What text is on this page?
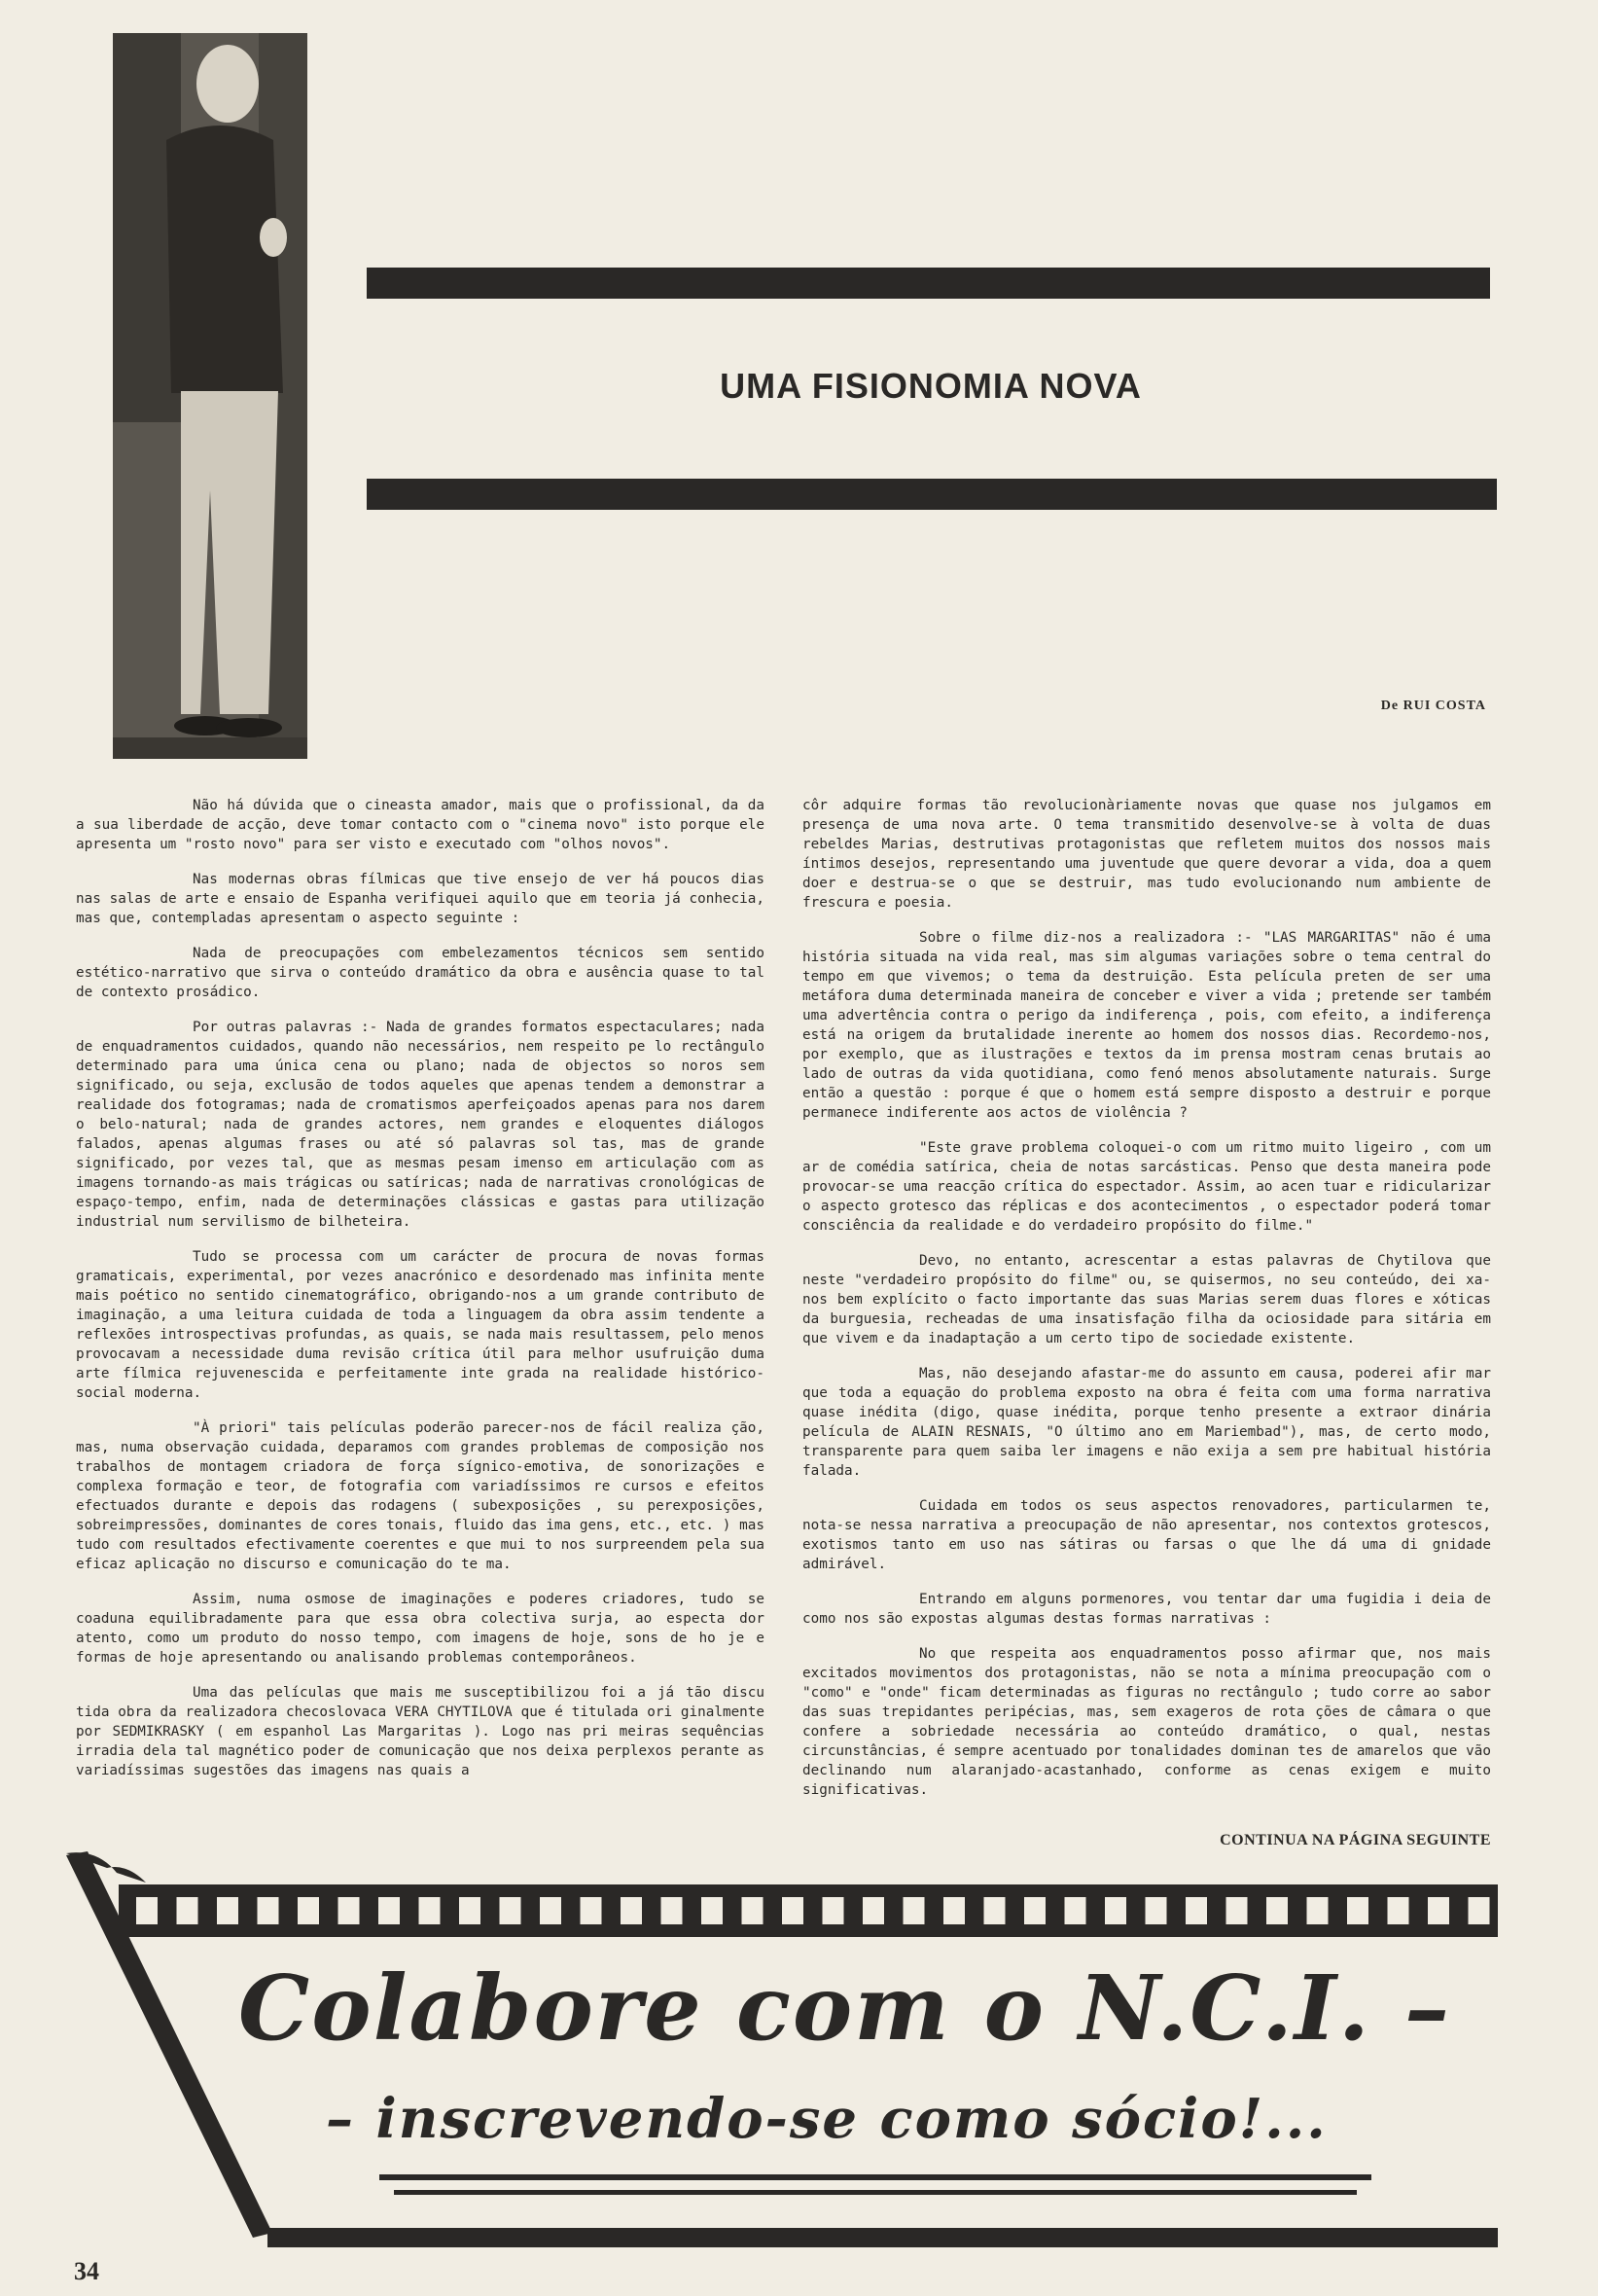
UMA FISIONOMIA NOVA
De RUI COSTA

Não há dúvida que o cineasta amador, mais que o profissional, da da a sua liberdade de acção, deve tomar contacto com o "cinema novo" isto porque ele apresenta um "rosto novo" para ser visto e executado com "olhos novos".

Nas modernas obras fílmicas que tive ensejo de ver há poucos dias nas salas de arte e ensaio de Espanha verifiquei aquilo que em teoria já conhecia, mas que, contempladas apresentam o aspecto seguinte :

Nada de preocupações com embelezamentos técnicos sem sentido estético-narrativo que sirva o conteúdo dramático da obra e ausência quase to tal de contexto prosádico.

Por outras palavras :- Nada de grandes formatos espectaculares; nada de enquadramentos cuidados, quando não necessários, nem respeito pe lo rectângulo determinado para uma única cena ou plano; nada de objectos so noros sem significado, ou seja, exclusão de todos aqueles que apenas tendem a demonstrar a realidade dos fotogramas; nada de cromatismos aperfeiçoados apenas para nos darem o belo-natural; nada de grandes actores, nem grandes e eloquentes diálogos falados, apenas algumas frases ou até só palavras sol tas, mas de grande significado, por vezes tal, que as mesmas pesam imenso em articulação com as imagens tornando-as mais trágicas ou satíricas; nada de narrativas cronológicas de espaço-tempo, enfim, nada de determinações clássicas e gastas para utilização industrial num servilismo de bilheteira.

Tudo se processa com um carácter de procura de novas formas gramaticais, experimental, por vezes anacrónico e desordenado mas infinita mente mais poético no sentido cinematográfico, obrigando-nos a um grande contributo de imaginação, a uma leitura cuidada de toda a linguagem da obra assim tendente a reflexões introspectivas profundas, as quais, se nada mais resultassem, pelo menos provocavam a necessidade duma revisão crítica útil para melhor usufruição duma arte fílmica rejuvenescida e perfeitamente inte grada na realidade histórico-social moderna.

"À priori" tais películas poderão parecer-nos de fácil realiza ção, mas, numa observação cuidada, deparamos com grandes problemas de composição nos trabalhos de montagem criadora de força sígnico-emotiva, de sonorizações e complexa formação e teor, de fotografia com variadíssimos re cursos e efeitos efectuados durante e depois das rodagens ( subexposições , su perexposições, sobreimpressões, dominantes de cores tonais, fluido das ima gens, etc., etc. ) mas tudo com resultados efectivamente coerentes e que mui to nos surpreendem pela sua eficaz aplicação no discurso e comunicação do te ma.

Assim, numa osmose de imaginações e poderes criadores, tudo se coaduna equilibradamente para que essa obra colectiva surja, ao especta dor atento, como um produto do nosso tempo, com imagens de hoje, sons de ho je e formas de hoje apresentando ou analisando problemas contemporâneos.

Uma das películas que mais me susceptibilizou foi a já tão discu tida obra da realizadora checoslovaca VERA CHYTILOVA que é titulada ori ginalmente por SEDMIKRASKY ( em espanhol Las Margaritas ). Logo nas pri meiras sequências irradia dela tal magnético poder de comunicação que nos deixa perplexos perante as variadíssimas sugestões das imagens nas quais a

côr adquire formas tão revolucionàriamente novas que quase nos julgamos em presença de uma nova arte. O tema transmitido desenvolve-se à volta de duas rebeldes Marias, destrutivas protagonistas que refletem muitos dos nossos mais íntimos desejos, representando uma juventude que quere devorar a vida, doa a quem doer e destrua-se o que se destruir, mas tudo evolucionando num ambiente de frescura e poesia.

Sobre o filme diz-nos a realizadora :- "LAS MARGARITAS" não é uma história situada na vida real, mas sim algumas variações sobre o tema central do tempo em que vivemos; o tema da destruição. Esta película preten de ser uma metáfora duma determinada maneira de conceber e viver a vida ; pretende ser também uma advertência contra o perigo da indiferença , pois, com efeito, a indiferença está na origem da brutalidade inerente ao homem dos nossos dias. Recordemo-nos, por exemplo, que as ilustrações e textos da im prensa mostram cenas brutais ao lado de outras da vida quotidiana, como fenó menos absolutamente naturais. Surge então a questão : porque é que o homem está sempre disposto a destruir e porque permanece indiferente aos actos de violência ?

"Este grave problema coloquei-o com um ritmo muito ligeiro , com um ar de comédia satírica, cheia de notas sarcásticas. Penso que desta maneira pode provocar-se uma reacção crítica do espectador. Assim, ao acen tuar e ridicularizar o aspecto grotesco das réplicas e dos acontecimentos , o espectador poderá tomar consciência da realidade e do verdadeiro propósito do filme."

Devo, no entanto, acrescentar a estas palavras de Chytilova que neste "verdadeiro propósito do filme" ou, se quisermos, no seu conteúdo, dei xa-nos bem explícito o facto importante das suas Marias serem duas flores e xóticas da burguesia, recheadas de uma insatisfação filha da ociosidade para sitária em que vivem e da inadaptação a um certo tipo de sociedade existente.

Mas, não desejando afastar-me do assunto em causa, poderei afir mar que toda a equação do problema exposto na obra é feita com uma forma narrativa quase inédita (digo, quase inédita, porque tenho presente a extraor dinária película de ALAIN RESNAIS, "O último ano em Mariembad"), mas, de certo modo, transparente para quem saiba ler imagens e não exija a sem pre habitual história falada.

Cuidada em todos os seus aspectos renovadores, particularmen te, nota-se nessa narrativa a preocupação de não apresentar, nos contextos grotescos, exotismos tanto em uso nas sátiras ou farsas o que lhe dá uma di gnidade admirável.

Entrando em alguns pormenores, vou tentar dar uma fugidia i deia de como nos são expostas algumas destas formas narrativas :

No que respeita aos enquadramentos posso afirmar que, nos mais excitados movimentos dos protagonistas, não se nota a mínima preocupação com o "como" e "onde" ficam determinadas as figuras no rectângulo ; tudo corre ao sabor das suas trepidantes peripécias, mas, sem exageros de rota ções de câmara o que confere a sobriedade necessária ao conteúdo dramático, o qual, nestas circunstâncias, é sempre acentuado por tonalidades dominan tes de amarelos que vão declinando num alaranjado-acastanhado, conforme as cenas exigem e muito significativas.

CONTINUA NA PÁGINA SEGUINTE
Colabore com o N.C.I. –
– inscrevendo-se como sócio!...
34
